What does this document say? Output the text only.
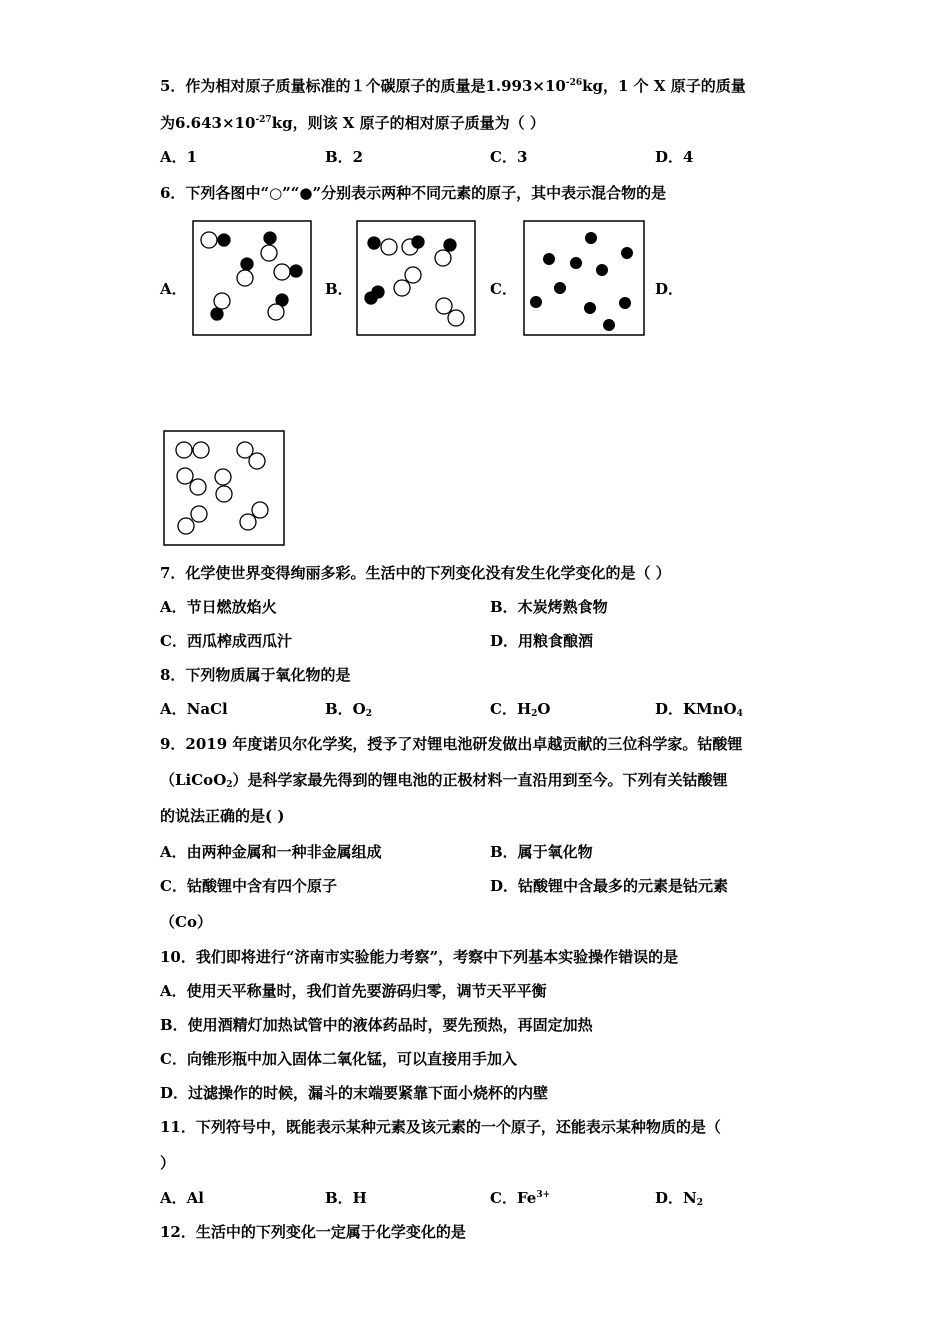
5．作为相对原子质量标准的１个碳原子的质量是$1.993\times 10^{-26}kg$，1 个 X 原子的质量
为$6.643\times 10^{-27}kg$，则该 X 原子的相对原子质量为（ ）
A．1	B．2	C．3	D．4
6．下列各图中“○”“●”分别表示两种不同元素的原子，其中表示混合物的是
A．	B．	C．	D．
7．化学使世界变得绚丽多彩。生活中的下列变化没有发生化学变化的是（ ）
A．节日燃放焰火	B．木炭烤熟食物
C．西瓜榨成西瓜汁	D．用粮食酿酒
8．下列物质属于氧化物的是
A．NaCl	B．$O_2$	C．$H_2O$	D．KMnO$_4$
9．2019 年度诺贝尔化学奖，授予了对锂电池研发做出卓越贡献的三位科学家。钴酸锂
（LiCoO$_2$）是科学家最先得到的锂电池的正极材料一直沿用到至今。下列有关钴酸锂
的说法正确的是( )
A．由两种金属和一种非金属组成	B．属于氧化物
C．钴酸锂中含有四个原子	D．钴酸锂中含最多的元素是钴元素
（Co）
10．我们即将进行“济南市实验能力考察”，考察中下列基本实验操作错误的是
A．使用天平称量时，我们首先要游码归零，调节天平平衡
B．使用酒精灯加热试管中的液体药品时，要先预热，再固定加热
C．向锥形瓶中加入固体二氧化锰，可以直接用手加入
D．过滤操作的时候，漏斗的末端要紧靠下面小烧杯的内壁
11．下列符号中，既能表示某种元素及该元素的一个原子，还能表示某种物质的是（
）
A．Al	B．H	C．$Fe^{3+}$	D．$N_2$
12．生活中的下列变化一定属于化学变化的是
